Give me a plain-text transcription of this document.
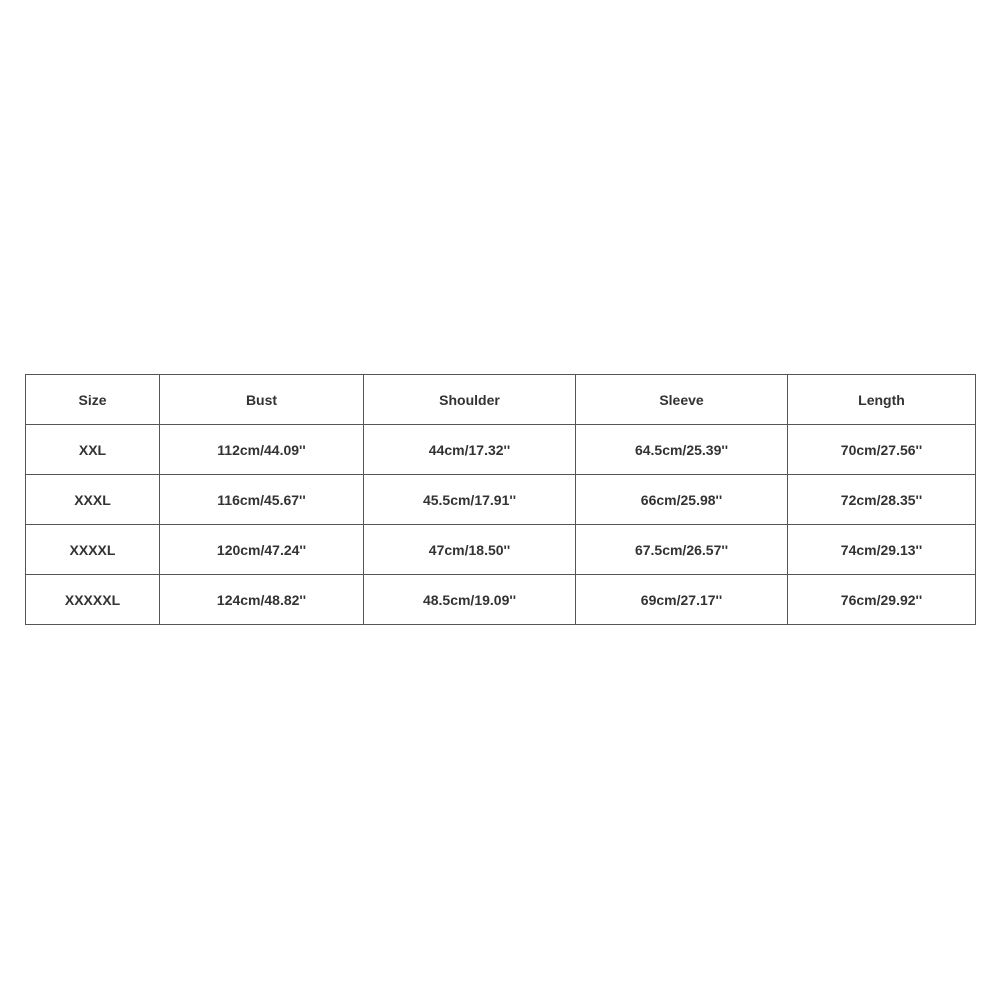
Size	Bust	Shoulder	Sleeve	Length
XXL	112cm/44.09''	44cm/17.32''	64.5cm/25.39''	70cm/27.56''
XXXL	116cm/45.67''	45.5cm/17.91''	66cm/25.98''	72cm/28.35''
XXXXL	120cm/47.24''	47cm/18.50''	67.5cm/26.57''	74cm/29.13''
XXXXXL	124cm/48.82''	48.5cm/19.09''	69cm/27.17''	76cm/29.92''
